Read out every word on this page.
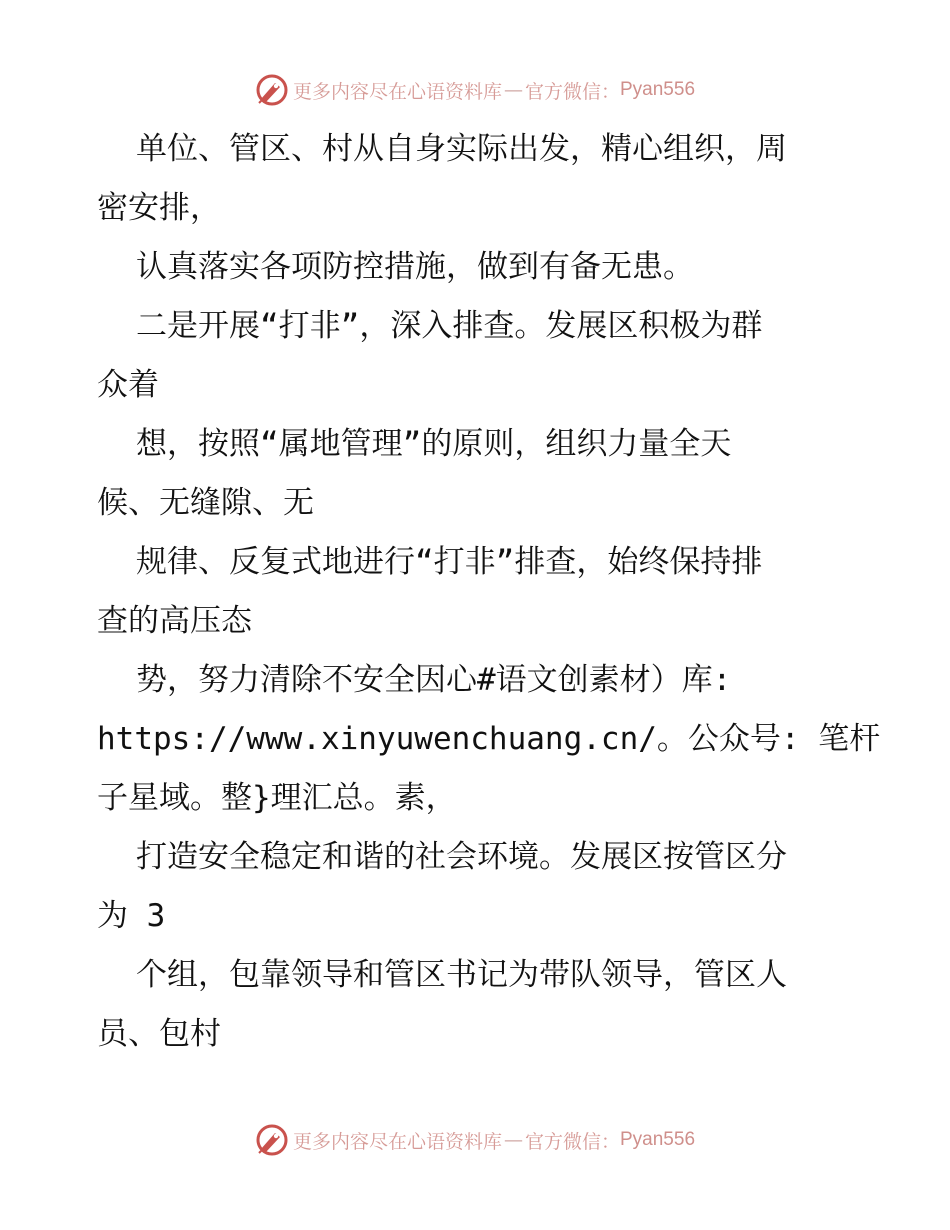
更多内容尽在心语资料库 — 官方微信： Pyan556
单位、管区、村从自身实际出发，精心组织，周
密安排，
认真落实各项防控措施，做到有备无患。
二是开展“打非”，深入排查。发展区积极为群
众着
想，按照“属地管理”的原则，组织力量全天
候、无缝隙、无
规律、反复式地进行“打非”排查，始终保持排
查的高压态
势，努力清除不安全因心#语文创素材）库:
https://www.xinyuwenchuang.cn/。公众号: 笔杆
子星域。整}理汇总。素，
打造安全稳定和谐的社会环境。发展区按管区分
为 3
个组，包靠领导和管区书记为带队领导，管区人
员、包村
更多内容尽在心语资料库 — 官方微信： Pyan556
